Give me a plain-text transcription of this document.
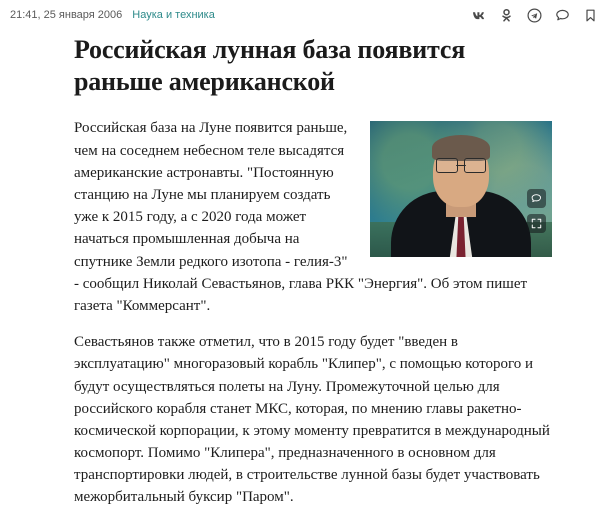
21:41, 25 января 2006 Наука и техника
Российская лунная база появится раньше американской

Российская база на Луне появится раньше, чем на соседнем небесном теле высадятся американские астронавты. "Постоянную станцию на Луне мы планируем создать уже к 2015 году, а с 2020 года может начаться промышленная добыча на спутнике Земли редкого изотопа - гелия-3" - сообщил Николай Севастьянов, глава РКК "Энергия". Об этом пишет газета "Коммерсант".

Севастьянов также отметил, что в 2015 году будет "введен в эксплуатацию" многоразовый корабль "Клипер", с помощью которого и будут осуществляться полеты на Луну. Промежуточной целью для российского корабля станет МКС, которая, по мнению главы ракетно-космической корпорации, к этому моменту превратится в международный космопорт. Помимо "Клипера", предназначенного в основном для транспортировки людей, в строительстве лунной базы будет участвовать межорбитальный буксир "Паром".
